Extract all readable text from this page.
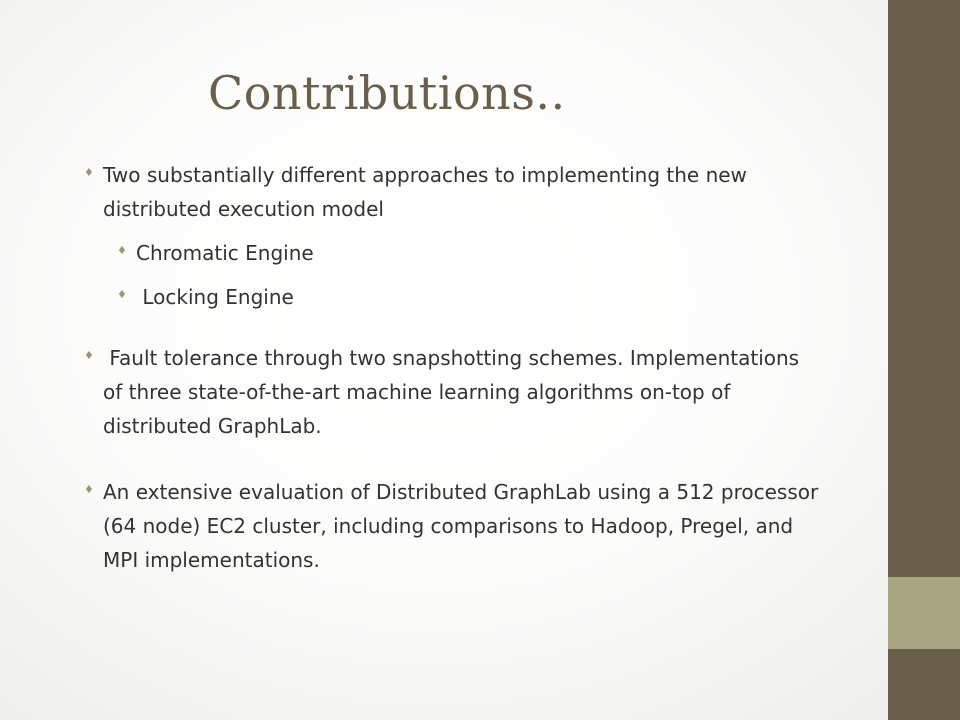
Contributions..
♦ Two substantially different approaches to implementing the new distributed execution model
♦ Chromatic Engine
♦ Locking Engine
♦ Fault tolerance through two snapshotting schemes. Implementations of three state-of-the-art machine learning algorithms on-top of distributed GraphLab.
♦ An extensive evaluation of Distributed GraphLab using a 512 processor (64 node) EC2 cluster, including comparisons to Hadoop, Pregel, and MPI implementations.
